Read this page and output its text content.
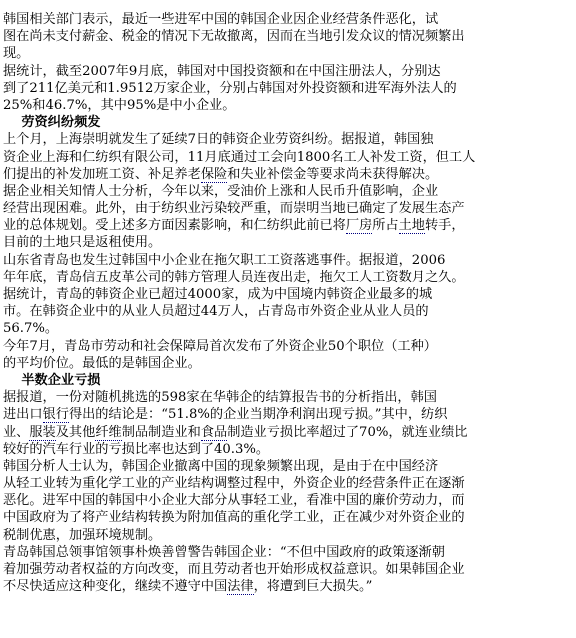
韩国相关部门表示，最近一些进军中国的韩国企业因企业经营条件恶化，试
图在尚未支付薪金、税金的情况下无故撤离，因而在当地引发众议的情况频繁出
现。
据统计，截至2007年9月底，韩国对中国投资额和在中国注册法人，分别达
到了211亿美元和1.9512万家企业，分别占韩国对外投资额和进军海外法人的
25%和46.7%，其中95%是中小企业。
劳资纠纷频发
上个月，上海崇明就发生了延续7日的韩资企业劳资纠纷。据报道，韩国独
资企业上海和仁纺织有限公司，11月底通过工会向1800名工人补发工资，但工人
们提出的补发加班工资、补足养老保险和失业补偿金等要求尚未获得解决。
据企业相关知情人士分析，今年以来，受油价上涨和人民币升值影响，企业
经营出现困难。此外，由于纺织业污染较严重，而崇明当地已确定了发展生态产
业的总体规划。受上述多方面因素影响，和仁纺织此前已将厂房所占土地转手，
目前的土地只是返租使用。
山东省青岛也发生过韩国中小企业在拖欠职工工资落逃事件。据报道，2006
年年底，青岛信五皮革公司的韩方管理人员连夜出走，拖欠工人工资数月之久。
据统计，青岛的韩资企业已超过4000家，成为中国境内韩资企业最多的城
市。在韩资企业中的从业人员超过44万人，占青岛市外资企业从业人员的
56.7%。
今年7月，青岛市劳动和社会保障局首次发布了外资企业50个职位（工种）
的平均价位。最低的是韩国企业。
半数企业亏损
据报道，一份对随机挑选的598家在华韩企的结算报告书的分析指出，韩国
进出口银行得出的结论是：“51.8%的企业当期净利润出现亏损。”其中，纺织
业、服装及其他纤维制品制造业和食品制造业亏损比率超过了70%，就连业绩比
较好的汽车行业的亏损比率也达到了40.3%。
韩国分析人士认为，韩国企业撤离中国的现象频繁出现，是由于在中国经济
从轻工业转为重化学工业的产业结构调整过程中，外资企业的经营条件正在逐渐
恶化。进军中国的韩国中小企业大部分从事轻工业，看准中国的廉价劳动力，而
中国政府为了将产业结构转换为附加值高的重化学工业，正在减少对外资企业的
税制优惠，加强环境规制。
青岛韩国总领事馆领事朴焕善曾警告韩国企业：“不但中国政府的政策逐渐朝
着加强劳动者权益的方向改变，而且劳动者也开始形成权益意识。如果韩国企业
不尽快适应这种变化，继续不遵守中国法律，将遭到巨大损失。”
